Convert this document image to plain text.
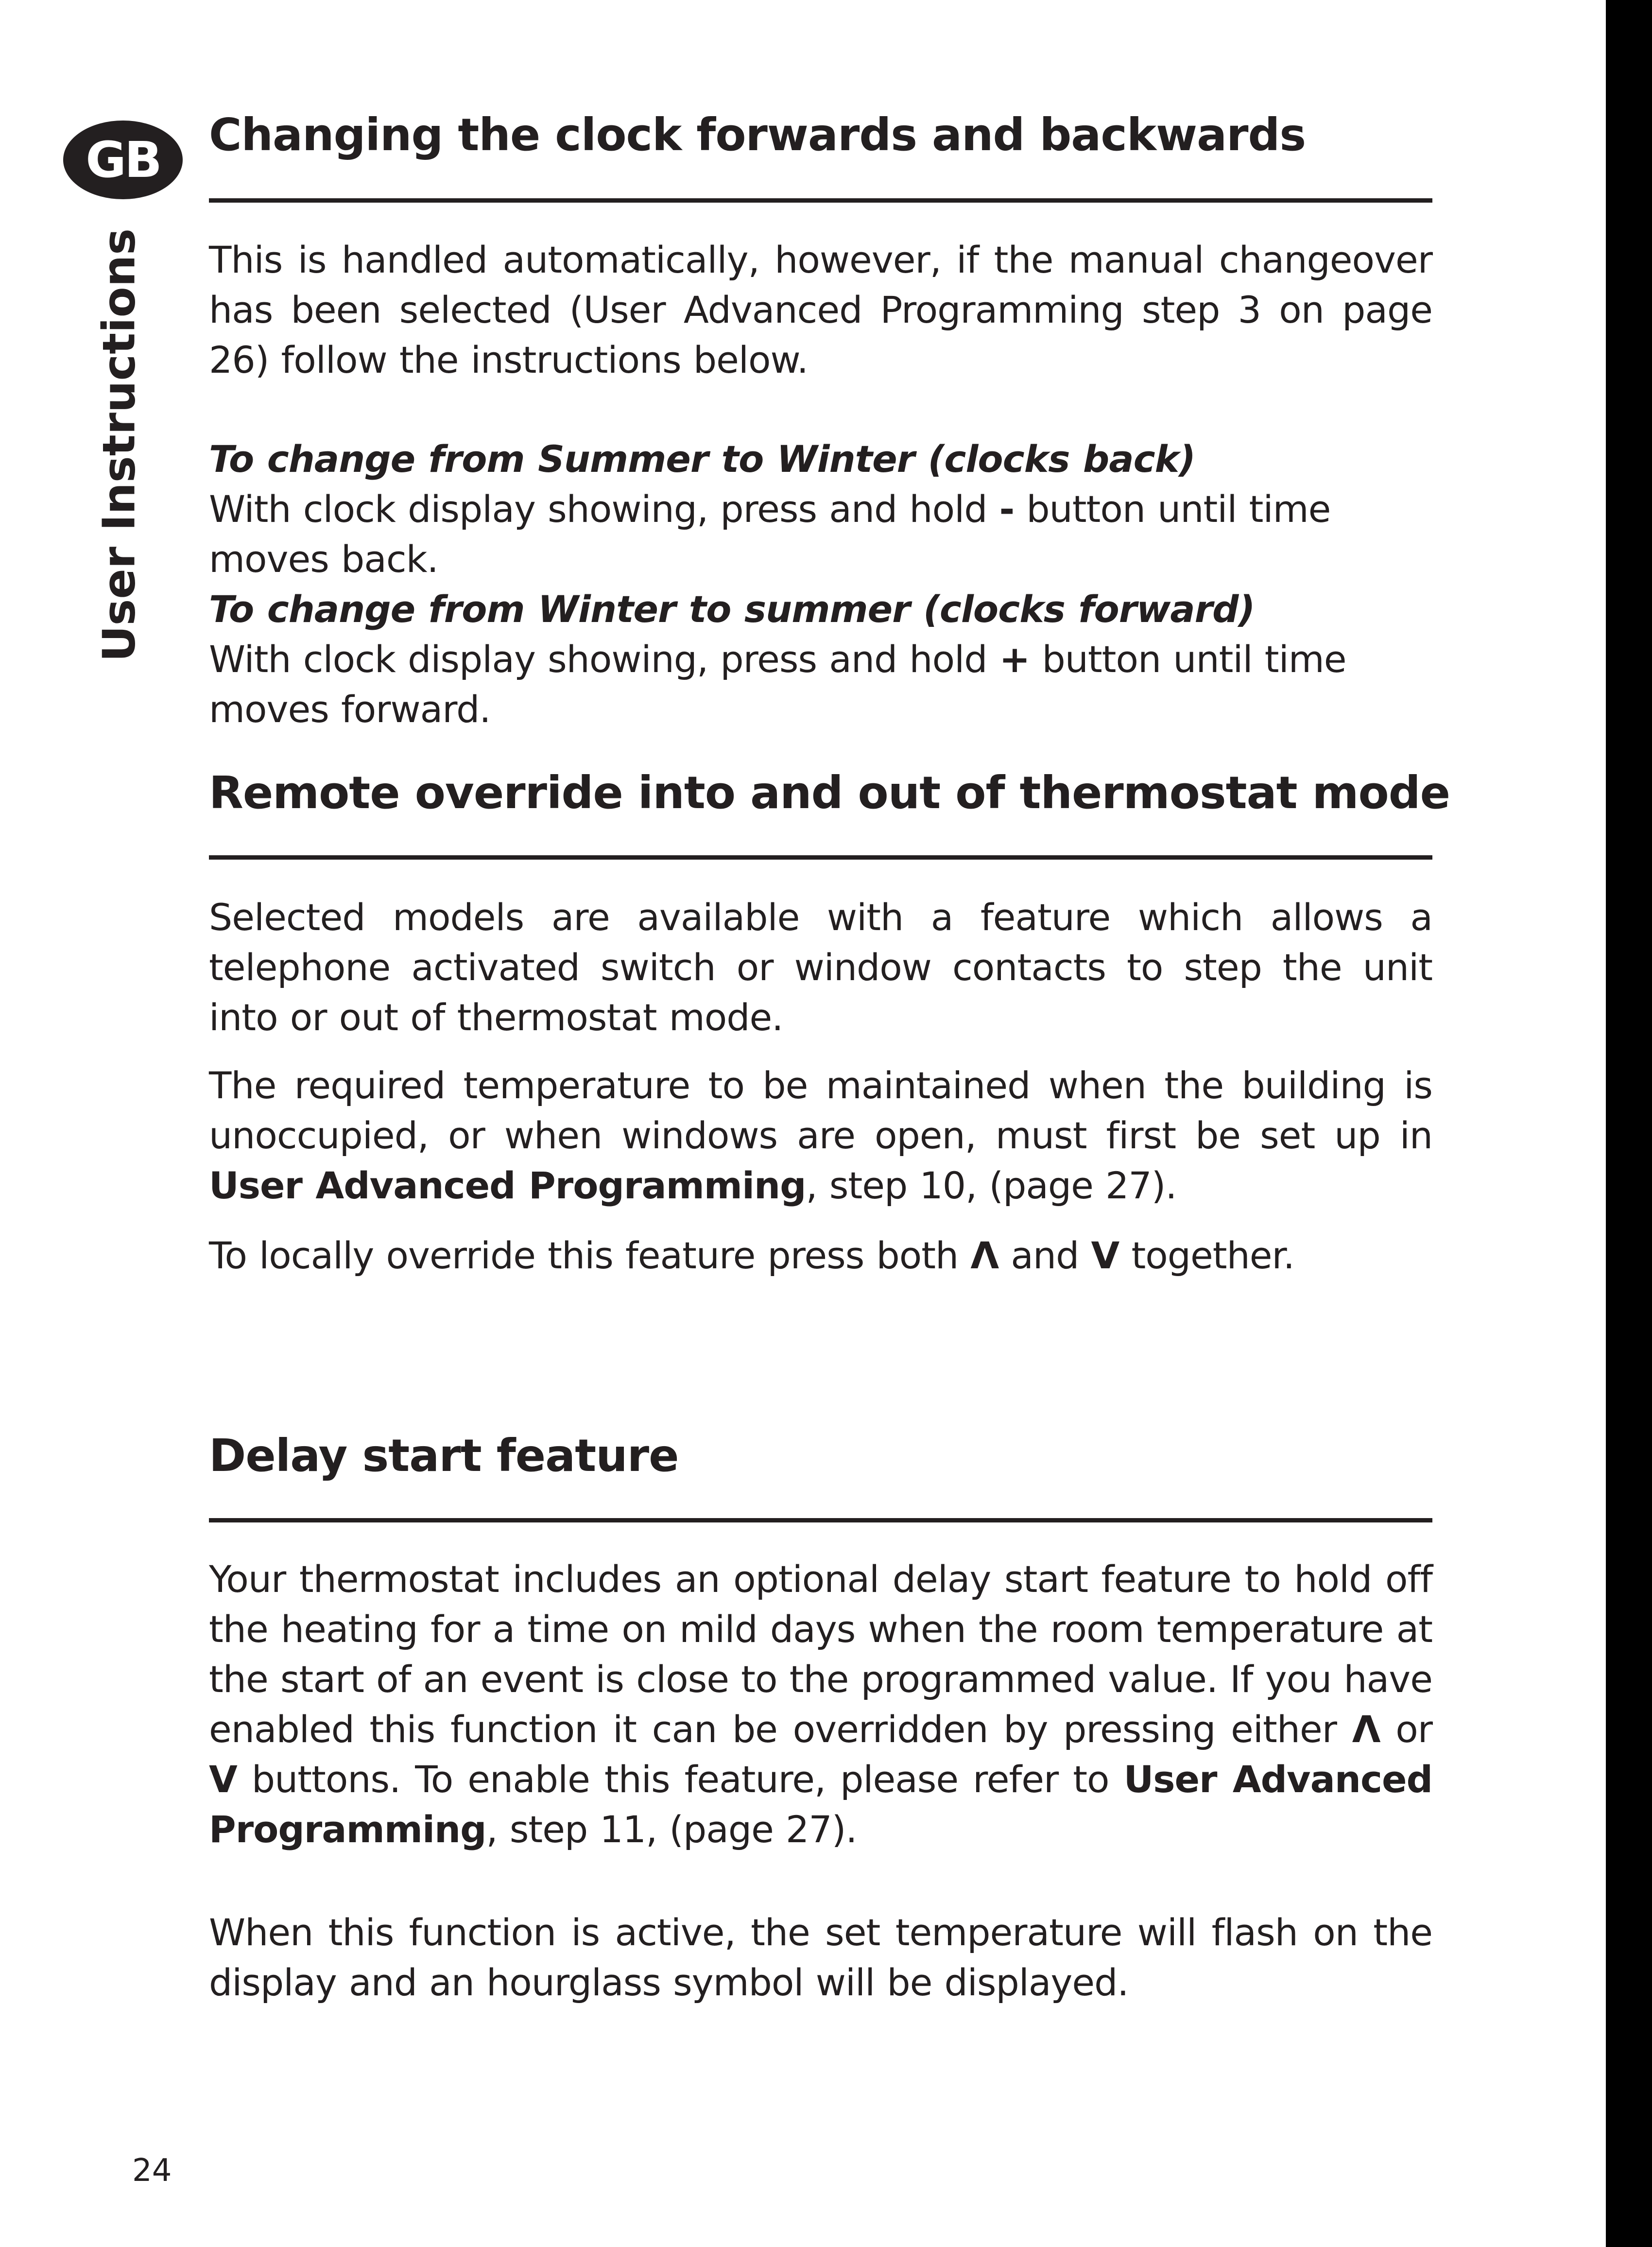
GB
User Instructions
Changing the clock forwards and backwards
This is handled automatically, however, if the manual changeover has been selected (User Advanced Programming step 3 on page 26) follow the instructions below.
To change from Summer to Winter (clocks back)
With clock display showing, press and hold - button until time moves back.
To change from Winter to summer (clocks forward)
With clock display showing, press and hold + button until time moves forward.
Remote override into and out of thermostat mode
Selected models are available with a feature which allows a telephone activated switch or window contacts to step the unit into or out of thermostat mode.
The required temperature to be maintained when the building is unoccupied, or when windows are open, must first be set up in User Advanced Programming, step 10, (page 27).
To locally override this feature press both Λ and V together.
Delay start feature
Your thermostat includes an optional delay start feature to hold off the heating for a time on mild days when the room temperature at the start of an event is close to the programmed value. If you have enabled this function it can be overridden by pressing either Λ or V buttons. To enable this feature, please refer to User Advanced Programming, step 11, (page 27).
When this function is active, the set temperature will flash on the display and an hourglass symbol will be displayed.
24
